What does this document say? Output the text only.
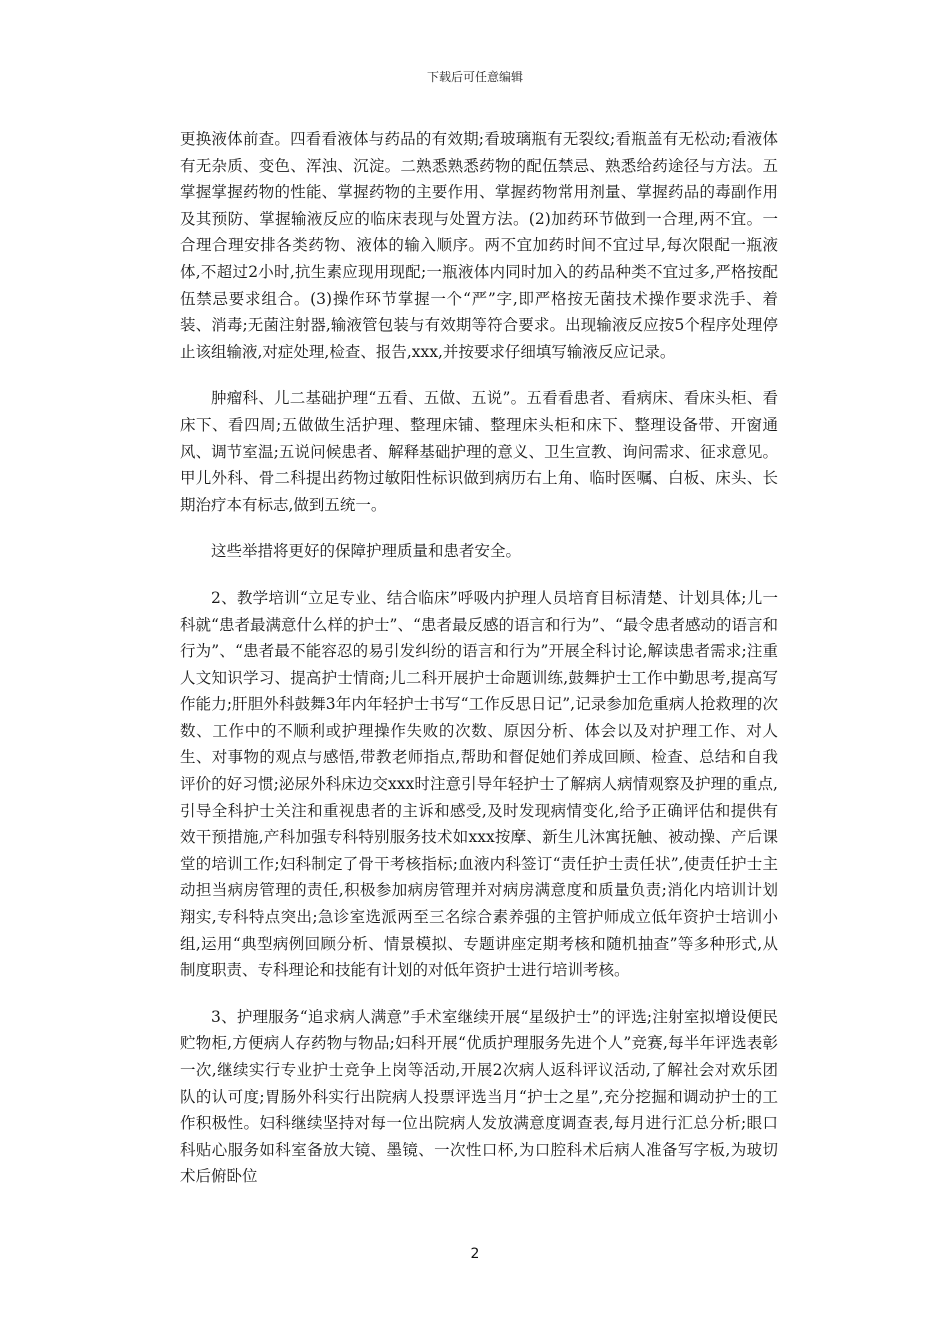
下载后可任意编辑

更换液体前查。四看看液体与药品的有效期;看玻璃瓶有无裂纹;看瓶盖有无松动;看液体有无杂质、变色、浑浊、沉淀。二熟悉熟悉药物的配伍禁忌、熟悉给药途径与方法。五掌握掌握药物的性能、掌握药物的主要作用、掌握药物常用剂量、掌握药品的毒副作用及其预防、掌握输液反应的临床表现与处置方法。(2)加药环节做到一合理,两不宜。一合理合理安排各类药物、液体的输入顺序。两不宜加药时间不宜过早,每次限配一瓶液体,不超过2小时,抗生素应现用现配;一瓶液体内同时加入的药品种类不宜过多,严格按配伍禁忌要求组合。(3)操作环节掌握一个“严”字,即严格按无菌技术操作要求洗手、着装、消毒;无菌注射器,输液管包装与有效期等符合要求。出现输液反应按5个程序处理停止该组输液,对症处理,检查、报告,xxx,并按要求仔细填写输液反应记录。

肿瘤科、儿二基础护理“五看、五做、五说”。五看看患者、看病床、看床头柜、看床下、看四周;五做做生活护理、整理床铺、整理床头柜和床下、整理设备带、开窗通风、调节室温;五说问候患者、解释基础护理的意义、卫生宣教、询问需求、征求意见。甲儿外科、骨二科提出药物过敏阳性标识做到病历右上角、临时医嘱、白板、床头、长期治疗本有标志,做到五统一。

这些举措将更好的保障护理质量和患者安全。

2、教学培训“立足专业、结合临床”呼吸内护理人员培育目标清楚、计划具体;儿一科就“患者最满意什么样的护士”、“患者最反感的语言和行为”、“最令患者感动的语言和行为”、“患者最不能容忍的易引发纠纷的语言和行为”开展全科讨论,解读患者需求;注重人文知识学习、提高护士情商;儿二科开展护士命题训练,鼓舞护士工作中勤思考,提高写作能力;肝胆外科鼓舞3年内年轻护士书写“工作反思日记”,记录参加危重病人抢救理的次数、工作中的不顺利或护理操作失败的次数、原因分析、体会以及对护理工作、对人生、对事物的观点与感悟,带教老师指点,帮助和督促她们养成回顾、检查、总结和自我评价的好习惯;泌尿外科床边交xxx时注意引导年轻护士了解病人病情观察及护理的重点,引导全科护士关注和重视患者的主诉和感受,及时发现病情变化,给予正确评估和提供有效干预措施,产科加强专科特别服务技术如xxx按摩、新生儿沐寓抚触、被动操、产后课堂的培训工作;妇科制定了骨干考核指标;血液内科签订“责任护士责任状”,使责任护士主动担当病房管理的责任,积极参加病房管理并对病房满意度和质量负责;消化内培训计划翔实,专科特点突出;急诊室选派两至三名综合素养强的主管护师成立低年资护士培训小组,运用“典型病例回顾分析、情景模拟、专题讲座定期考核和随机抽查”等多种形式,从制度职责、专科理论和技能有计划的对低年资护士进行培训考核。

3、护理服务“追求病人满意”手术室继续开展“星级护士”的评选;注射室拟增设便民贮物柜,方便病人存药物与物品;妇科开展“优质护理服务先进个人”竞赛,每半年评选表彰一次,继续实行专业护士竞争上岗等活动,开展2次病人返科评议活动,了解社会对欢乐团队的认可度;胃肠外科实行出院病人投票评选当月“护士之星”,充分挖掘和调动护士的工作积极性。妇科继续坚持对每一位出院病人发放满意度调查表,每月进行汇总分析;眼口科贴心服务如科室备放大镜、墨镜、一次性口杯,为口腔科术后病人准备写字板,为玻切术后俯卧位

2
